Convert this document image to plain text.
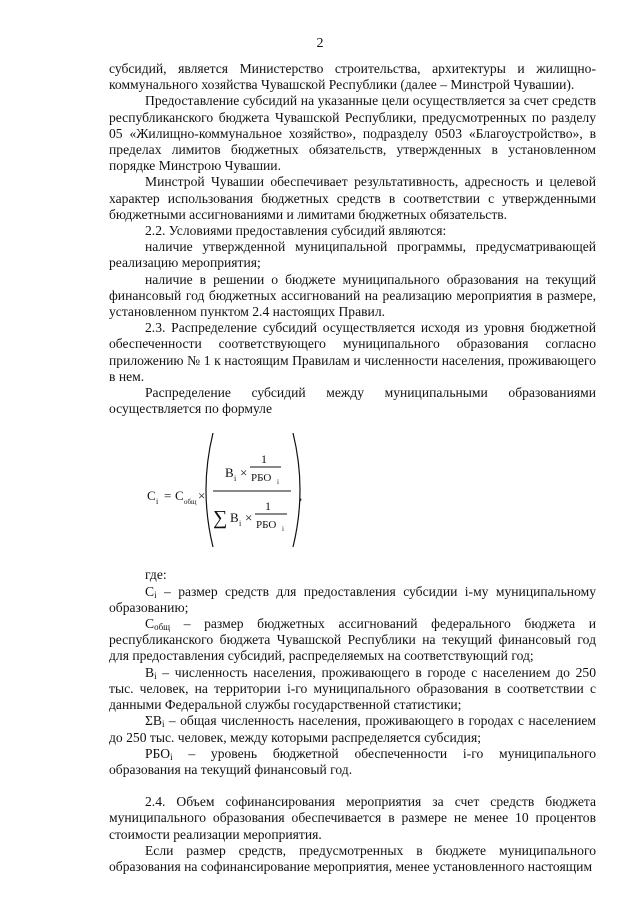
2

субсидий, является Министерство строительства, архитектуры и жилищно-коммунального хозяйства Чувашской Республики (далее – Минстрой Чувашии).

Предоставление субсидий на указанные цели осуществляется за счет средств республиканского бюджета Чувашской Республики, предусмотренных по разделу 05 «Жилищно-коммунальное хозяйство», подразделу 0503 «Благоустройство», в пределах лимитов бюджетных обязательств, утвержденных в установленном порядке Минстрою Чувашии.

Минстрой Чувашии обеспечивает результативность, адресность и целевой характер использования бюджетных средств в соответствии с утвержденными бюджетными ассигнованиями и лимитами бюджетных обязательств.

2.2. Условиями предоставления субсидий являются:

наличие утвержденной муниципальной программы, предусматривающей реализацию мероприятия;

наличие в решении о бюджете муниципального образования на текущий финансовый год бюджетных ассигнований на реализацию мероприятия в размере, установленном пунктом 2.4 настоящих Правил.

2.3. Распределение субсидий осуществляется исходя из уровня бюджетной обеспеченности соответствующего муниципального образования согласно приложению № 1 к настоящим Правилам и численности населения, проживающего в нем.

Распределение субсидий между муниципальными образованиями осуществляется по формуле

C i = C общ ×
B i ×
1
РБО i
∑ B i ×
1
РБО i
,

где:

$С_i$ – размер средств для предоставления субсидии i-му муниципальному образованию;

$С_{общ}$ – размер бюджетных ассигнований федерального бюджета и республиканского бюджета Чувашской Республики на текущий финансовый год для предоставления субсидий, распределяемых на соответствующий год;

$В_i$ – численность населения, проживающего в городе с населением до 250 тыс. человек, на территории i-го муниципального образования в соответствии с данными Федеральной службы государственной статистики;

$\Sigma В_i$ – общая численность населения, проживающего в городах с населением до 250 тыс. человек, между которыми распределяется субсидия;

$РБО_i$ – уровень бюджетной обеспеченности i-го муниципального образования на текущий финансовый год.

2.4. Объем софинансирования мероприятия за счет средств бюджета муниципального образования обеспечивается в размере не менее 10 процентов стоимости реализации мероприятия.

Если размер средств, предусмотренных в бюджете муниципального образования на софинансирование мероприятия, менее установленного настоящим
